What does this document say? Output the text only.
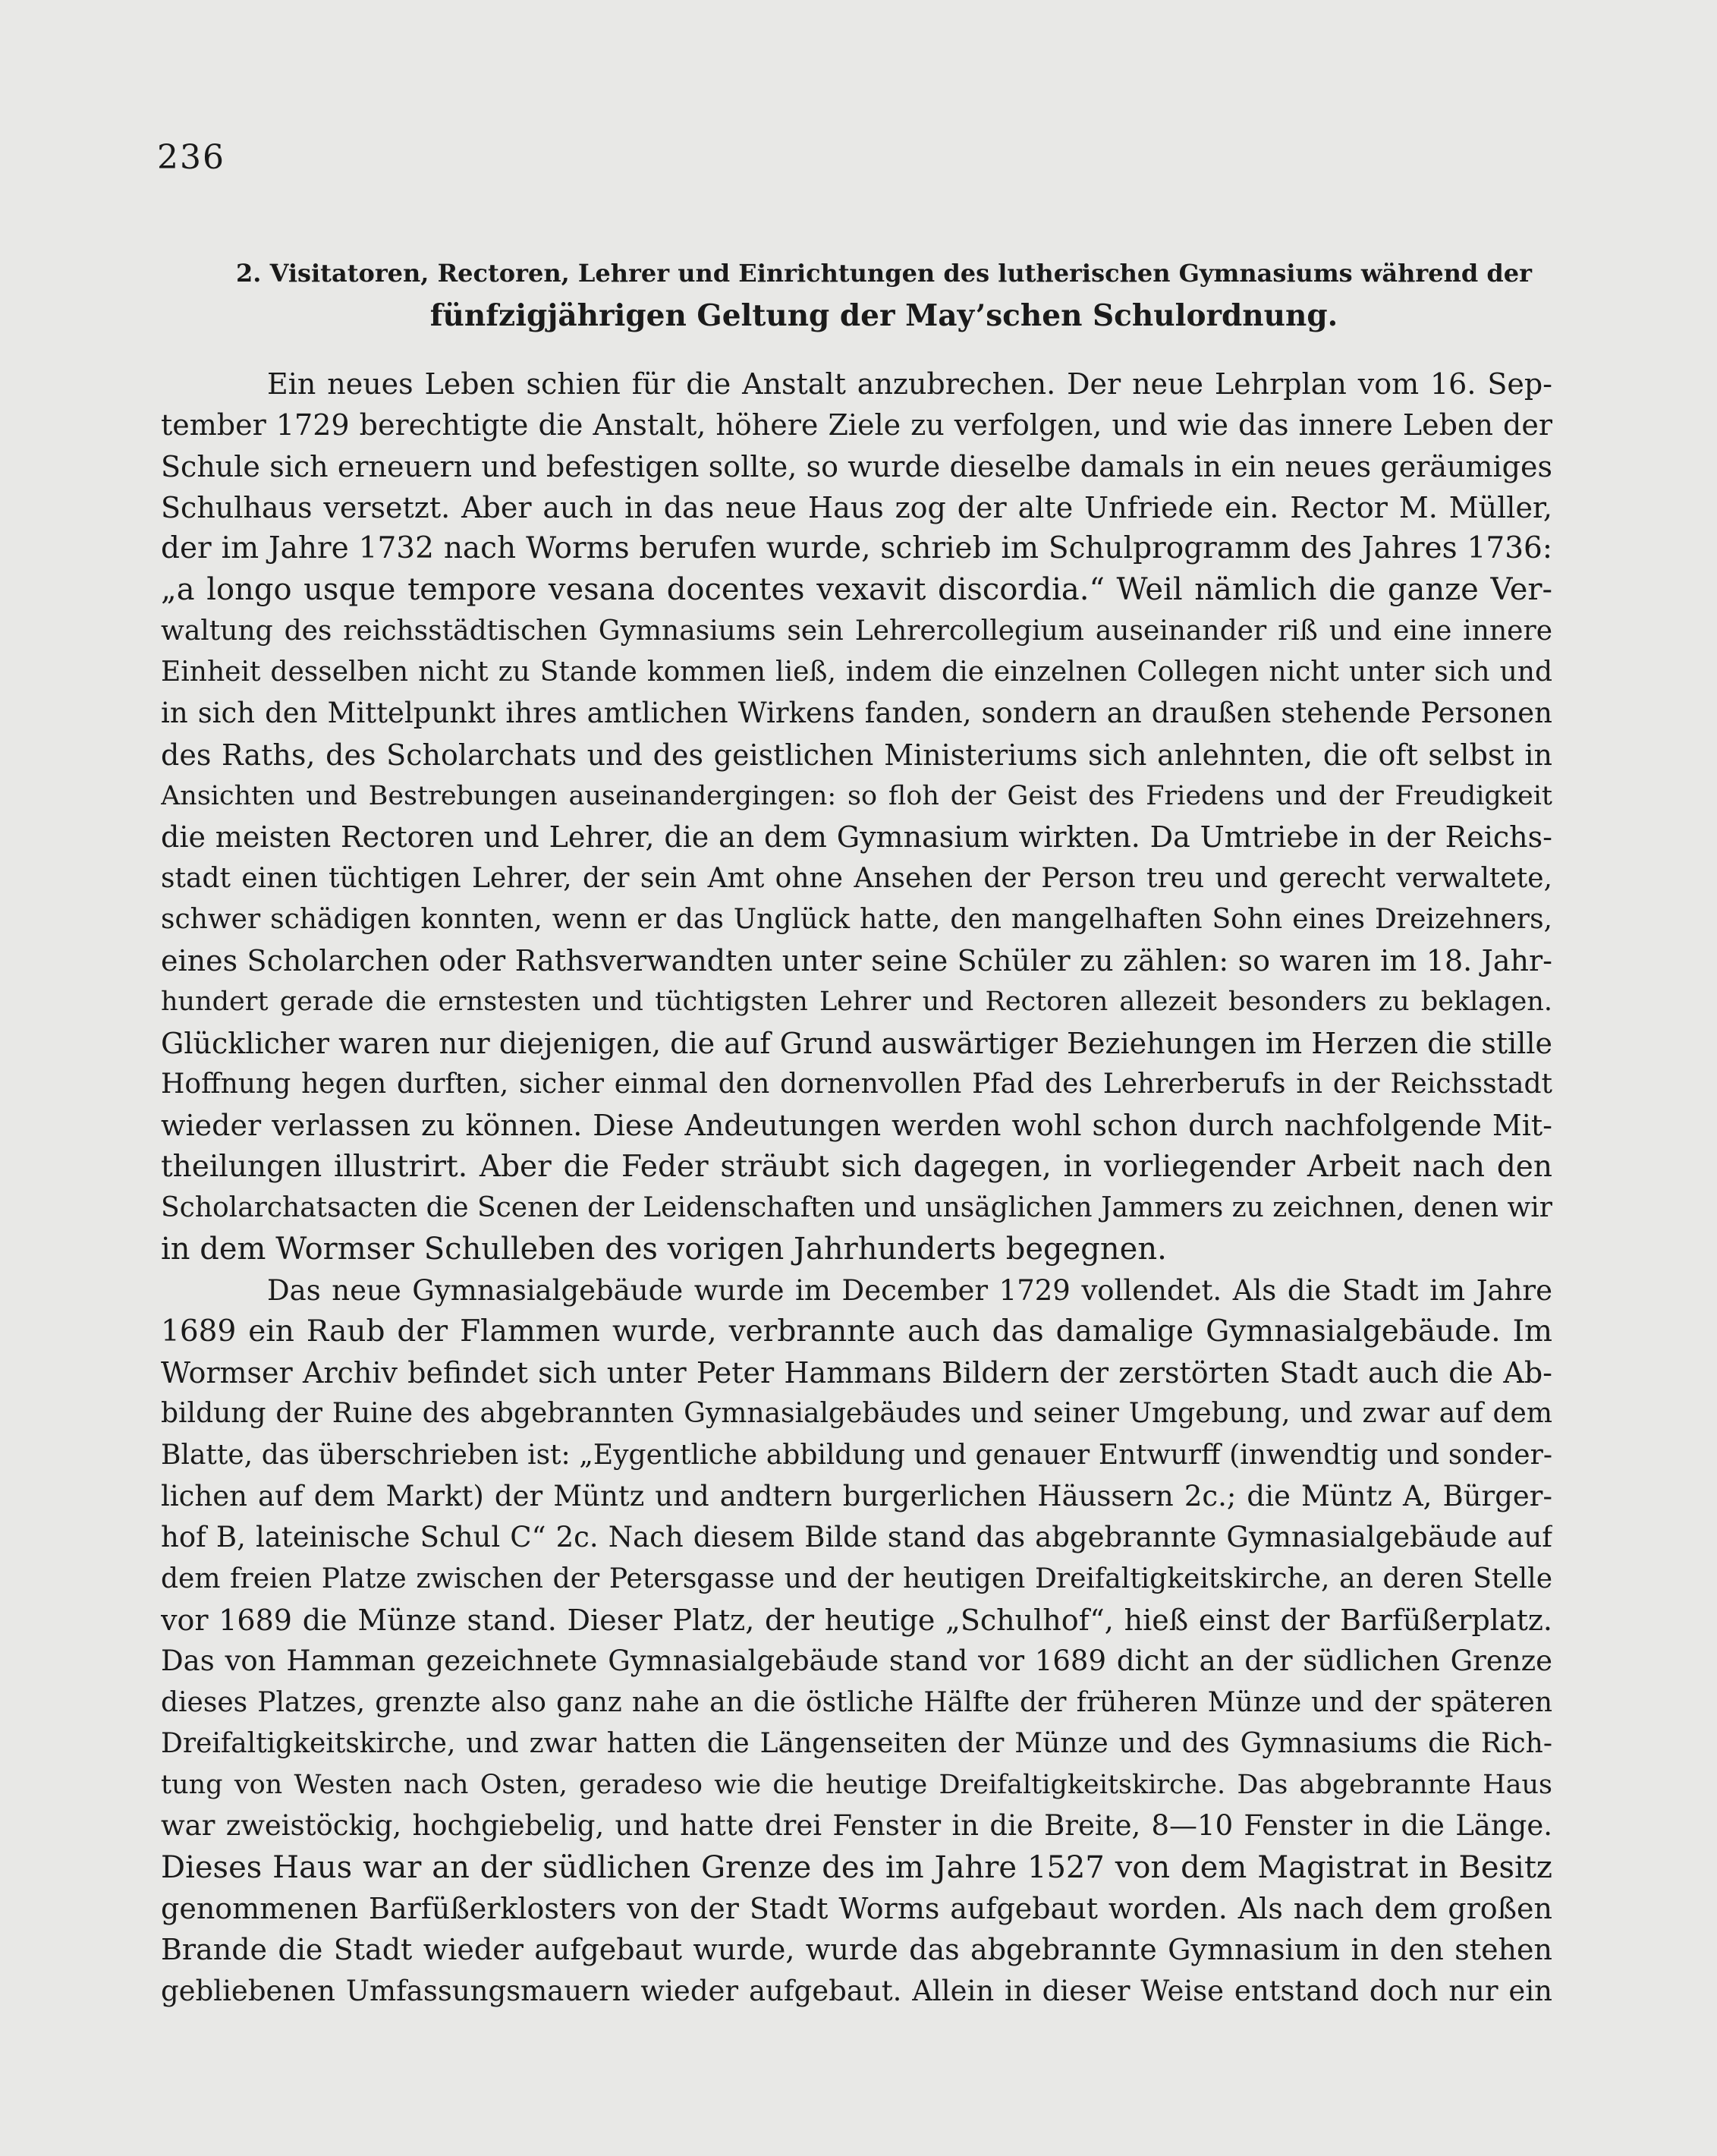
236
2. Visitatoren, Rectoren, Lehrer und Einrichtungen des lutherischen Gymnasiums während der
fünfzigjährigen Geltung der May’schen Schulordnung.
Ein neues Leben schien für die Anstalt anzubrechen. Der neue Lehrplan vom 16. Sep-
tember 1729 berechtigte die Anstalt, höhere Ziele zu verfolgen, und wie das innere Leben der
Schule sich erneuern und befestigen sollte, so wurde dieselbe damals in ein neues geräumiges
Schulhaus versetzt. Aber auch in das neue Haus zog der alte Unfriede ein. Rector M. Müller,
der im Jahre 1732 nach Worms berufen wurde, schrieb im Schulprogramm des Jahres 1736:
„a longo usque tempore vesana docentes vexavit discordia.“ Weil nämlich die ganze Ver-
waltung des reichsstädtischen Gymnasiums sein Lehrercollegium auseinander riß und eine innere
Einheit desselben nicht zu Stande kommen ließ, indem die einzelnen Collegen nicht unter sich und
in sich den Mittelpunkt ihres amtlichen Wirkens fanden, sondern an draußen stehende Personen
des Raths, des Scholarchats und des geistlichen Ministeriums sich anlehnten, die oft selbst in
Ansichten und Bestrebungen auseinandergingen: so floh der Geist des Friedens und der Freudigkeit
die meisten Rectoren und Lehrer, die an dem Gymnasium wirkten. Da Umtriebe in der Reichs-
stadt einen tüchtigen Lehrer, der sein Amt ohne Ansehen der Person treu und gerecht verwaltete,
schwer schädigen konnten, wenn er das Unglück hatte, den mangelhaften Sohn eines Dreizehners,
eines Scholarchen oder Rathsverwandten unter seine Schüler zu zählen: so waren im 18. Jahr-
hundert gerade die ernstesten und tüchtigsten Lehrer und Rectoren allezeit besonders zu beklagen.
Glücklicher waren nur diejenigen, die auf Grund auswärtiger Beziehungen im Herzen die stille
Hoffnung hegen durften, sicher einmal den dornenvollen Pfad des Lehrerberufs in der Reichsstadt
wieder verlassen zu können. Diese Andeutungen werden wohl schon durch nachfolgende Mit-
theilungen illustrirt. Aber die Feder sträubt sich dagegen, in vorliegender Arbeit nach den
Scholarchatsacten die Scenen der Leidenschaften und unsäglichen Jammers zu zeichnen, denen wir
in dem Wormser Schulleben des vorigen Jahrhunderts begegnen.
Das neue Gymnasialgebäude wurde im December 1729 vollendet. Als die Stadt im Jahre
1689 ein Raub der Flammen wurde, verbrannte auch das damalige Gymnasialgebäude. Im
Wormser Archiv befindet sich unter Peter Hammans Bildern der zerstörten Stadt auch die Ab-
bildung der Ruine des abgebrannten Gymnasialgebäudes und seiner Umgebung, und zwar auf dem
Blatte, das überschrieben ist: „Eygentliche abbildung und genauer Entwurff (inwendtig und sonder-
lichen auf dem Markt) der Müntz und andtern burgerlichen Häussern 2c.; die Müntz A, Bürger-
hof B, lateinische Schul C“ 2c. Nach diesem Bilde stand das abgebrannte Gymnasialgebäude auf
dem freien Platze zwischen der Petersgasse und der heutigen Dreifaltigkeitskirche, an deren Stelle
vor 1689 die Münze stand. Dieser Platz, der heutige „Schulhof“, hieß einst der Barfüßerplatz.
Das von Hamman gezeichnete Gymnasialgebäude stand vor 1689 dicht an der südlichen Grenze
dieses Platzes, grenzte also ganz nahe an die östliche Hälfte der früheren Münze und der späteren
Dreifaltigkeitskirche, und zwar hatten die Längenseiten der Münze und des Gymnasiums die Rich-
tung von Westen nach Osten, geradeso wie die heutige Dreifaltigkeitskirche. Das abgebrannte Haus
war zweistöckig, hochgiebelig, und hatte drei Fenster in die Breite, 8—10 Fenster in die Länge.
Dieses Haus war an der südlichen Grenze des im Jahre 1527 von dem Magistrat in Besitz
genommenen Barfüßerklosters von der Stadt Worms aufgebaut worden. Als nach dem großen
Brande die Stadt wieder aufgebaut wurde, wurde das abgebrannte Gymnasium in den stehen
gebliebenen Umfassungsmauern wieder aufgebaut. Allein in dieser Weise entstand doch nur ein
